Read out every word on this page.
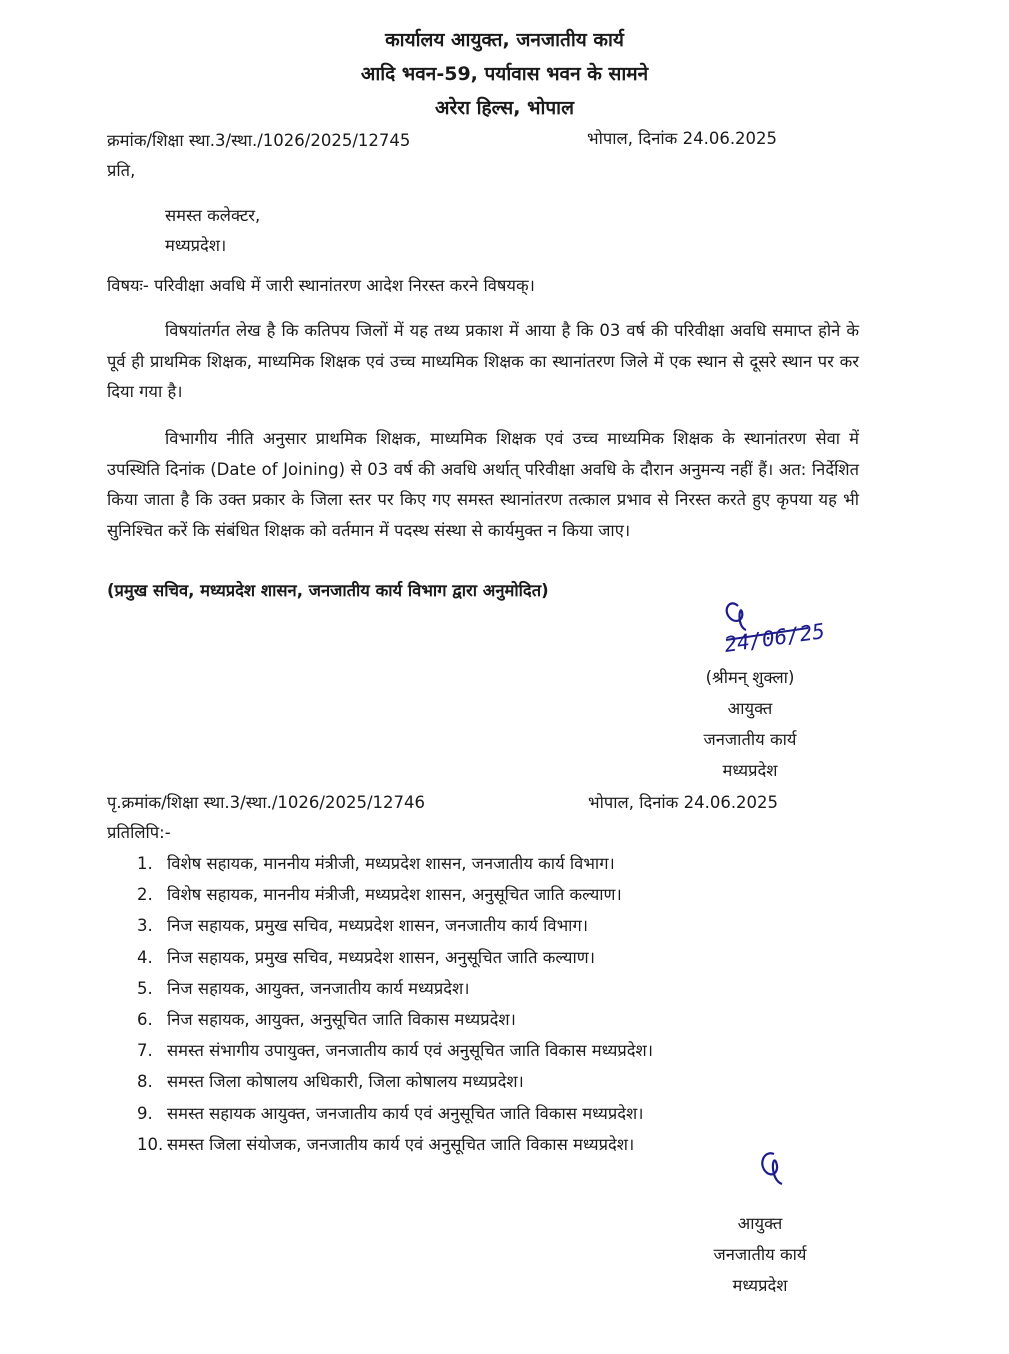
कार्यालय आयुक्त, जनजातीय कार्य
आदि भवन-59, पर्यावास भवन के सामने
अरेरा हिल्स, भोपाल
क्रमांक/शिक्षा स्था.3/स्था./1026/2025/12745	भोपाल, दिनांक 24.06.2025
प्रति,
समस्त कलेक्टर,
मध्यप्रदेश।
विषयः- परिवीक्षा अवधि में जारी स्थानांतरण आदेश निरस्त करने विषयक्।

विषयांतर्गत लेख है कि कतिपय जिलों में यह तथ्य प्रकाश में आया है कि 03 वर्ष की परिवीक्षा अवधि समाप्त होने के पूर्व ही प्राथमिक शिक्षक, माध्यमिक शिक्षक एवं उच्च माध्यमिक शिक्षक का स्थानांतरण जिले में एक स्थान से दूसरे स्थान पर कर दिया गया है।

विभागीय नीति अनुसार प्राथमिक शिक्षक, माध्यमिक शिक्षक एवं उच्च माध्यमिक शिक्षक के स्थानांतरण सेवा में उपस्थिति दिनांक (Date of Joining) से 03 वर्ष की अवधि अर्थात् परिवीक्षा अवधि के दौरान अनुमन्य नहीं हैं। अत: निर्देशित किया जाता है कि उक्त प्रकार के जिला स्तर पर किए गए समस्त स्थानांतरण तत्काल प्रभाव से निरस्त करते हुए कृपया यह भी सुनिश्चित करें कि संबंधित शिक्षक को वर्तमान में पदस्थ संस्था से कार्यमुक्त न किया जाए।

(प्रमुख सचिव, मध्यप्रदेश शासन, जनजातीय कार्य विभाग द्वारा अनुमोदित)
24/06/25
(श्रीमन् शुक्ला)
आयुक्त
जनजातीय कार्य
मध्यप्रदेश
पृ.क्रमांक/शिक्षा स्था.3/स्था./1026/2025/12746	भोपाल, दिनांक 24.06.2025
प्रतिलिपि:-
1. विशेष सहायक, माननीय मंत्रीजी, मध्यप्रदेश शासन, जनजातीय कार्य विभाग।
2. विशेष सहायक, माननीय मंत्रीजी, मध्यप्रदेश शासन, अनुसूचित जाति कल्याण।
3. निज सहायक, प्रमुख सचिव, मध्यप्रदेश शासन, जनजातीय कार्य विभाग।
4. निज सहायक, प्रमुख सचिव, मध्यप्रदेश शासन, अनुसूचित जाति कल्याण।
5. निज सहायक, आयुक्त, जनजातीय कार्य मध्यप्रदेश।
6. निज सहायक, आयुक्त, अनुसूचित जाति विकास मध्यप्रदेश।
7. समस्त संभागीय उपायुक्त, जनजातीय कार्य एवं अनुसूचित जाति विकास मध्यप्रदेश।
8. समस्त जिला कोषालय अधिकारी, जिला कोषालय मध्यप्रदेश।
9. समस्त सहायक आयुक्त, जनजातीय कार्य एवं अनुसूचित जाति विकास मध्यप्रदेश।
10. समस्त जिला संयोजक, जनजातीय कार्य एवं अनुसूचित जाति विकास मध्यप्रदेश।
आयुक्त
जनजातीय कार्य
मध्यप्रदेश
